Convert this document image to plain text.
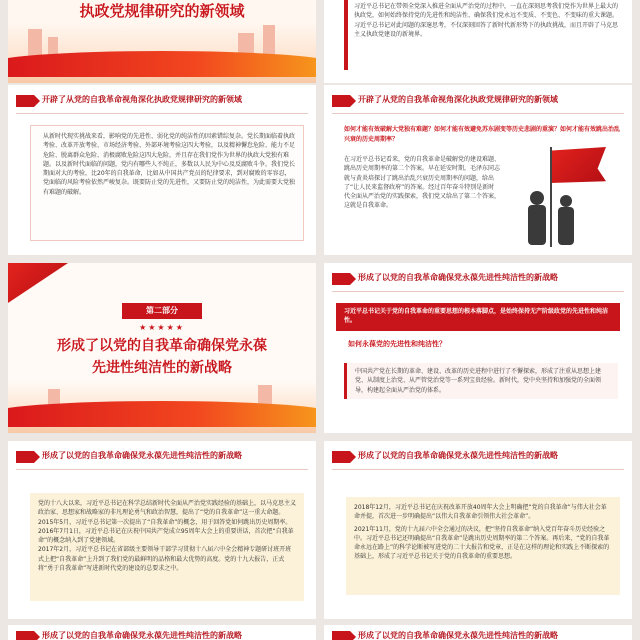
执政党规律研究的新领域	习近平总书记在带领全党深入推进全面从严治党的过程中，一直在深刻思考我们党作为世界上最大的执政党，如何始终保持党的先进性和纯洁性、确保我们党永远不变质、不变色、不变味的重大课题。习近平总书记对此问题的深邃思考，不仅深刻回答了新时代新形势下的执政挑战，而且开辟了马克思主义执政党建设的新境界。
开辟了从党的自我革命视角深化执政党规律研究的新领域
从新时代现实挑战来看，影响党的先进性、弱化党的纯洁性的因素错综复杂。党长期面临着执政考验、改革开放考验、市场经济考验、外部环境考验这四大考验，以及精神懈怠危险、能力不足危险、脱离群众危险、消极腐败危险这四大危险，并且存在我们党作为世界的执政大党独有难题。以及新时代面临的问题，党内有哪些人不纯正，多数以人民为中心及反腐败斗争，我们党长期面对大的考验，比20年的自我革命，比如从中国共产党员的纪律要求，到对腐败的零容忍，党面临的风险考验依然严峻复杂。既要防止党的先进性，又要防止党的纯洁性，为此需要大党独有难题的破解。
开辟了从党的自我革命视角深化执政党规律研究的新领域
如何才能有效破解大党独有难题？如何才能有效避免苏东剧变等历史悲剧的重演？如何才能有效跳出治乱兴衰的历史周期率？
在习近平总书记看来，党的自我革命是破解党的建设难题、跳出历史周期率的第二个答案。早在延安时期，毛泽东同志就与黄炎培探讨了跳出治乱兴衰历史周期率的问题，给出了“让人民来监督政府”的答案。经过百年奋斗特别是新时代全面从严治党的实践探索，我们党又给出了第二个答案，这就是自我革命。
第二部分
★★★★★
形成了以党的自我革命确保党永葆
先进性纯洁性的新战略
形成了以党的自我革命确保党永葆先进性纯洁性的新战略
习近平总书记关于党的自我革命的重要思想的根本落脚点，是始终保持无产阶级政党的先进性和纯洁性。
如何永葆党的先进性和纯洁性？
中国共产党在长期的革命、建设、改革的历史进程中进行了不懈探索，形成了注重从思想上建党、从制度上治党、从严管党治党等一系列宝贵经验。新时代，党中央坚持和加强党的全面领导，构建起全面从严治党的体系。
形成了以党的自我革命确保党永葆先进性纯洁性的新战略
党的十八大以来，习近平总书记在科学总结新时代全面从严治党实践经验的基础上，以马克思主义政治家、思想家和战略家的非凡理论勇气和政治智慧，提出了“党的自我革命”这一重大命题。
2015年5月，习近平总书记第一次提出了“自我革命”的概念，用于回答党如何跳出历史周期率。
2016年7月1日，习近平总书记在庆祝中国共产党成立95周年大会上的重要讲话，首次把“自我革命”的概念纳入到了党建领域。
2017年2月，习近平总书记在省部级主要领导干部学习贯彻十八届六中全会精神专题研讨班开班式上把“自我革命”上升到了我们党的最鲜明的品格和最大优势的高度。党的十九大报告，正式将“勇于自我革命”写进新时代党的建设的总要求之中。
形成了以党的自我革命确保党永葆先进性纯洁性的新战略
2018年12月，习近平总书记在庆祝改革开放40周年大会上明确把“党的自我革命”与伟大社会革命并提，首次进一步明确提出“以伟大自我革命引领伟大社会革命”。
2021年11月，党的十九届六中全会通过的决议，把“坚持自我革命”纳入党百年奋斗历史经验之中。习近平总书记还明确提出“自我革命”是跳出历史周期率的第二个答案。再后来，“党的自我革命永远在路上”的科学论断被写进党的二十大报告和党章，正是在这样的理论和实践上不断探索的基础上，形成了习近平总书记关于党的自我革命的重要思想。
形成了以党的自我革命确保党永葆先进性纯洁性的新战略	形成了以党的自我革命确保党永葆先进性纯洁性的新战略
